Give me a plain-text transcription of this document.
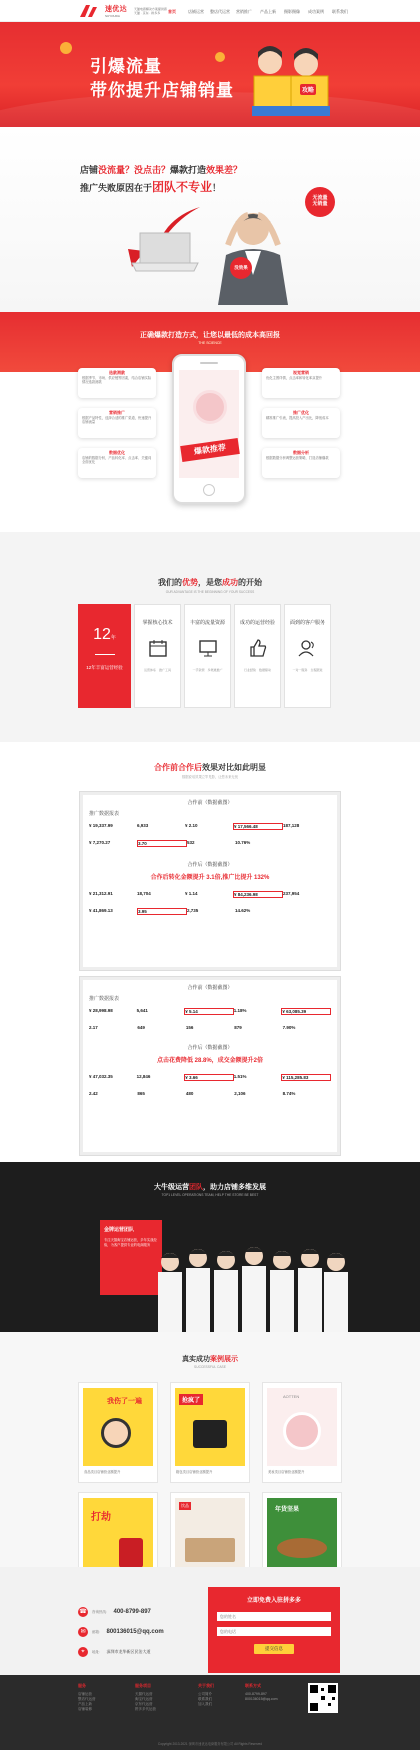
速优达
SUYOUDA
天猫电商解决方案提供商
天猫 · 京东 · 拼多多	首页	店铺运营	整店代运营	营销推广	产品上新	摄影摄像	成功案例	联系我们
引爆流量
带你提升店铺销量	攻略
店铺没流量？没点击？爆款打造效果差？
推广失败原因在于团队不专业！
无流量
无销量
没效果
正确爆款打造方式，让您以最低的成本高回报
THE SCIENCE
选款测款
根据季节、市场、供应链等因素，结合店铺实际情况选款测款
营销推广
根据产品特性，选择合适的推广渠道，快速提升店铺流量
数据优化
店铺的数据分析，产品转化率、点击率、关键词全面优化
视觉营销
优化主图详情，点击率和转化率双提升
推广优化
精准推广引流，提高投入产出比，降低成本
数据分析
根据数据分析调整运营策略，打造店铺爆款
爆款推荐
我们的优势，是您成功的开始
OUR ADVANTAGE IS THE BEGINNING OF YOUR SUCCESS
12年
12年丰富运营经验
掌握核心技术
运营体系　推广工具
丰富的流量资源
一手资源　多渠道推广
成功的运营经验
行业经验　数据驱动
面到的客户服务
一对一服务　全程跟进
合作前合作后效果对比如此明显
数据说话效果立竿见影，让您未来无忧
合作前（数据截图）
推广数据报表
¥ 19,337.99	6,933	¥ 2.10	¥ 17,566.48	187,128
¥ 7,270.27	3.70	532	10.76%
合作后（数据截图）
合作后转化金额提升 3.1倍,推广比提升 132%
¥ 21,312.91	18,704	¥ 1.14	¥ 84,236.98	237,954
¥ 41,869.13	3.95	2,735	14.62%
合作前（数据截图）
推广数据报表
¥ 28,998.98	5,641	¥ 5.14	1.18%	¥ 63,085.39
2.17	649	156	879	7.90%
合作后（数据截图）
点击花费降低 28.8%，成交金额提升2倍
¥ 47,032.35	12,846	¥ 3.66	1.51%	¥ 115,285.83
2.42	865	480	2,106	8.74%
大牛级运营团队，助力店铺多维发展
TOP1 LEVEL OPERATIONS TEAM, HELP THE STORE BE BEST
金牌运营团队
专注天猫淘宝店铺运营，多年实战经验，为客户提供专业的电商服务
真实成功案例展示
SUCCESSFUL CASE
我伤了一遍
食品类目店铺营业额提升
抢疯了
箱包类目店铺营业额提升
AOTTEN
美妆类目店铺营业额提升
打劫
饮品
年货坚果
☎	咨询热线： 400-8799-897
✉	邮箱： 800136015@qq.com
⌖	地址： 深圳市龙华新区民治大道
立即免费入驻拼多多
您的姓名
您的电话
提交信息
服务
店铺运营
整店代运营
产品上新
店铺装修
服务项目
天猫代运营
淘宝代运营
京东代运营
拼多多代运营
关于我们
公司简介
联系我们
加入我们
联系方式
400-8799-897
800136015@qq.com
Copyright 2013-2021 深圳市速优达电商服务有限公司 All Rights Reserved
